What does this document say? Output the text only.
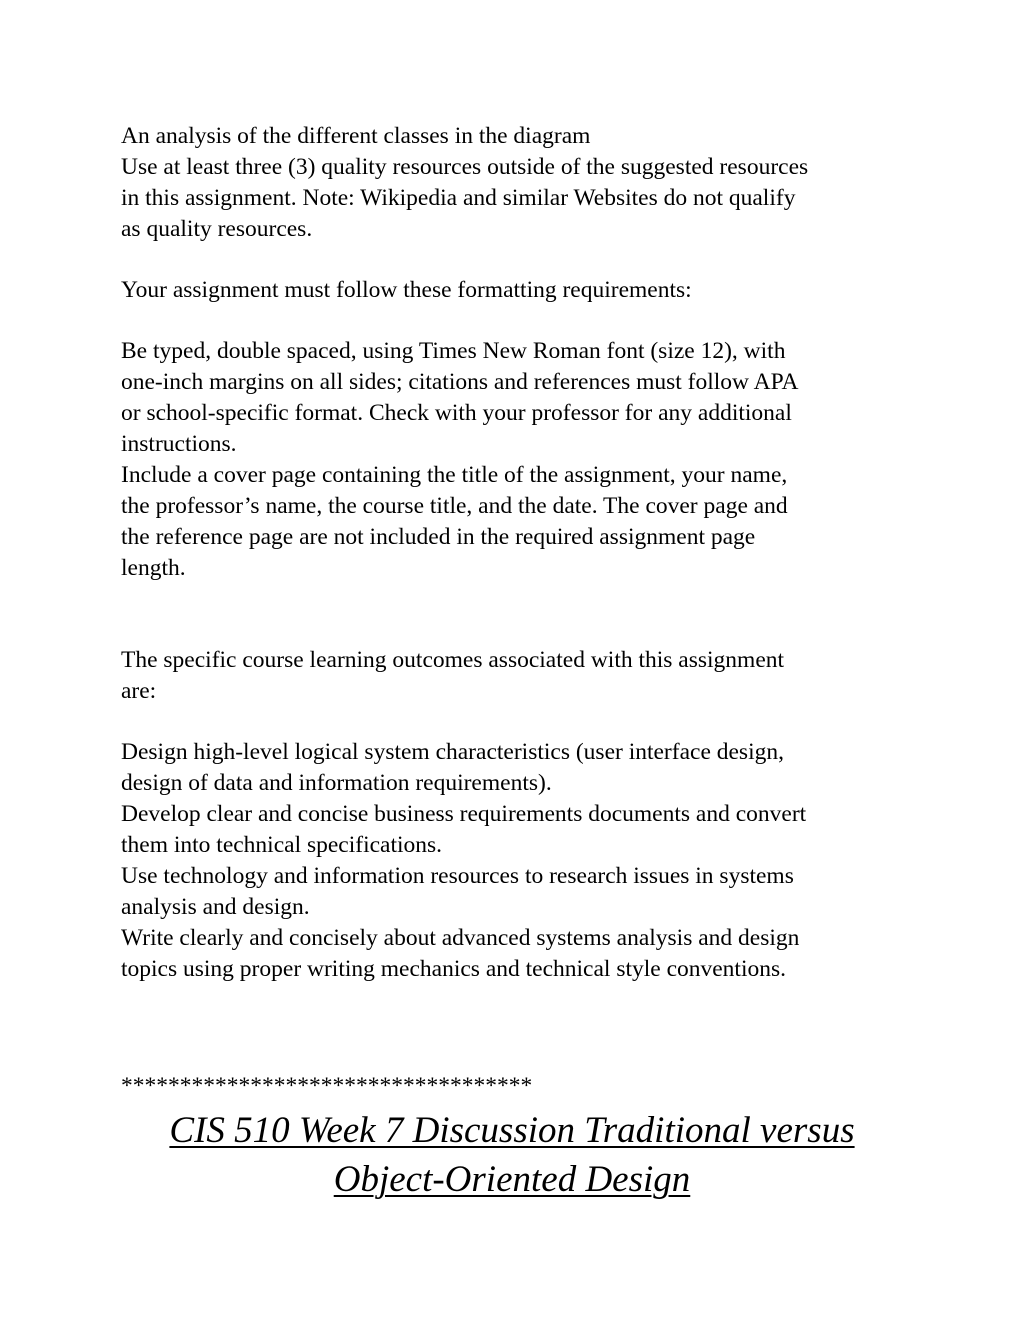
An analysis of the different classes in the diagram

Use at least three (3) quality resources outside of the suggested resources

in this assignment. Note: Wikipedia and similar Websites do not qualify

as quality resources.

Your assignment must follow these formatting requirements:

Be typed, double spaced, using Times New Roman font (size 12), with

one-inch margins on all sides; citations and references must follow APA

or school-specific format. Check with your professor for any additional

instructions.

Include a cover page containing the title of the assignment, your name,

the professor’s name, the course title, and the date. The cover page and

the reference page are not included in the required assignment page

length.

The specific course learning outcomes associated with this assignment

are:

Design high-level logical system characteristics (user interface design,

design of data and information requirements).

Develop clear and concise business requirements documents and convert

them into technical specifications.

Use technology and information resources to research issues in systems

analysis and design.

Write clearly and concisely about advanced systems analysis and design

topics using proper writing mechanics and technical style conventions.

***********************************

CIS 510 Week 7 Discussion Traditional versus

Object-Oriented Design
